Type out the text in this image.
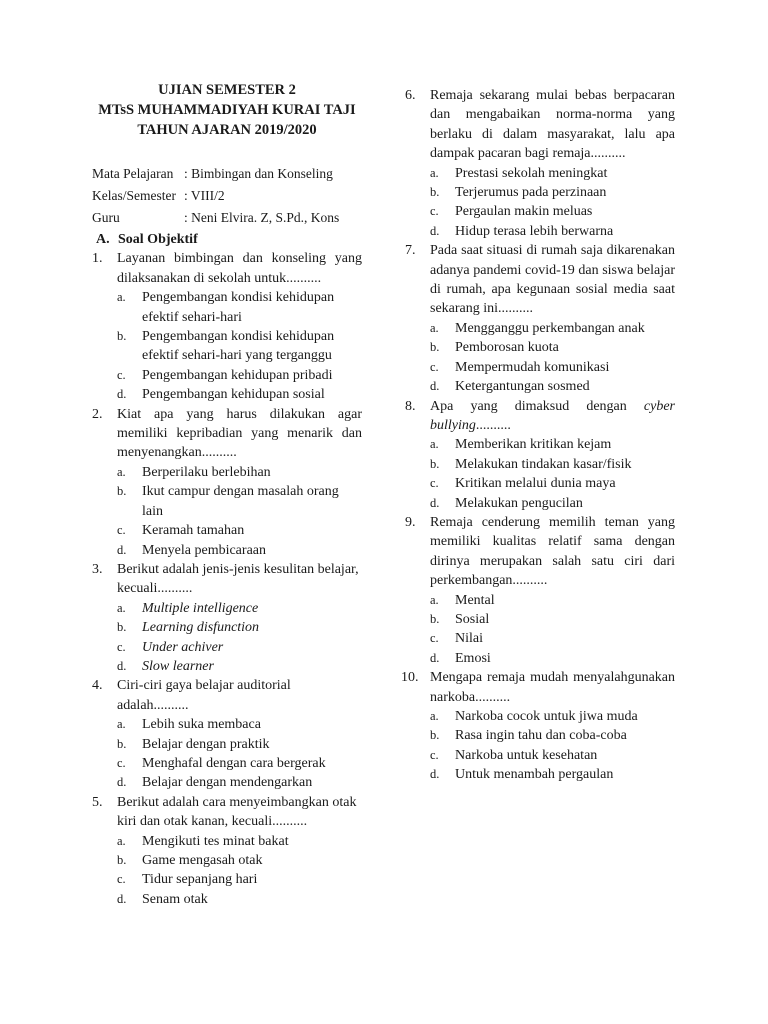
UJIAN SEMESTER 2
MTsS MUHAMMADIYAH KURAI TAJI
TAHUN AJARAN 2019/2020
Mata Pelajaran : Bimbingan dan Konseling
Kelas/Semester : VIII/2
Guru	: Neni Elvira. Z, S.Pd., Kons
A. Soal Objektif
1.	Layanan bimbingan dan konseling yang dilaksanakan di sekolah untuk..........
a.	Pengembangan kondisi kehidupan efektif sehari-hari
b.	Pengembangan kondisi kehidupan efektif sehari-hari yang terganggu
c.	Pengembangan kehidupan pribadi
d.	Pengembangan kehidupan sosial
2.	Kiat apa yang harus dilakukan agar memiliki kepribadian yang menarik dan menyenangkan..........
a.	Berperilaku berlebihan
b.	Ikut campur dengan masalah orang lain
c.	Keramah tamahan
d.	Menyela pembicaraan
3.	Berikut adalah jenis-jenis kesulitan belajar, kecuali..........
a.	Multiple intelligence
b.	Learning disfunction
c.	Under achiver
d.	Slow learner
4.	Ciri-ciri gaya belajar auditorial adalah..........
a.	Lebih suka membaca
b.	Belajar dengan praktik
c.	Menghafal dengan cara bergerak
d.	Belajar dengan mendengarkan
5.	Berikut adalah cara menyeimbangkan otak kiri dan otak kanan, kecuali..........
a.	Mengikuti tes minat bakat
b.	Game mengasah otak
c.	Tidur sepanjang hari
d.	Senam otak
6.	Remaja sekarang mulai bebas berpacaran dan mengabaikan norma-norma yang berlaku di dalam masyarakat, lalu apa dampak pacaran bagi remaja..........
a.	Prestasi sekolah meningkat
b.	Terjerumus pada perzinaan
c.	Pergaulan makin meluas
d.	Hidup terasa lebih berwarna
7.	Pada saat situasi di rumah saja dikarenakan adanya pandemi covid-19 dan siswa belajar di rumah, apa kegunaan sosial media saat sekarang ini..........
a.	Mengganggu perkembangan anak
b.	Pemborosan kuota
c.	Mempermudah komunikasi
d.	Ketergantungan sosmed
8.	Apa yang dimaksud dengan cyber bullying..........
a.	Memberikan kritikan kejam
b.	Melakukan tindakan kasar/fisik
c.	Kritikan melalui dunia maya
d.	Melakukan pengucilan
9.	Remaja cenderung memilih teman yang memiliki kualitas relatif sama dengan dirinya merupakan salah satu ciri dari perkembangan..........
a.	Mental
b.	Sosial
c.	Nilai
d.	Emosi
10. Mengapa remaja mudah menyalahgunakan narkoba..........
a.	Narkoba cocok untuk jiwa muda
b.	Rasa ingin tahu dan coba-coba
c.	Narkoba untuk kesehatan
d.	Untuk menambah pergaulan
